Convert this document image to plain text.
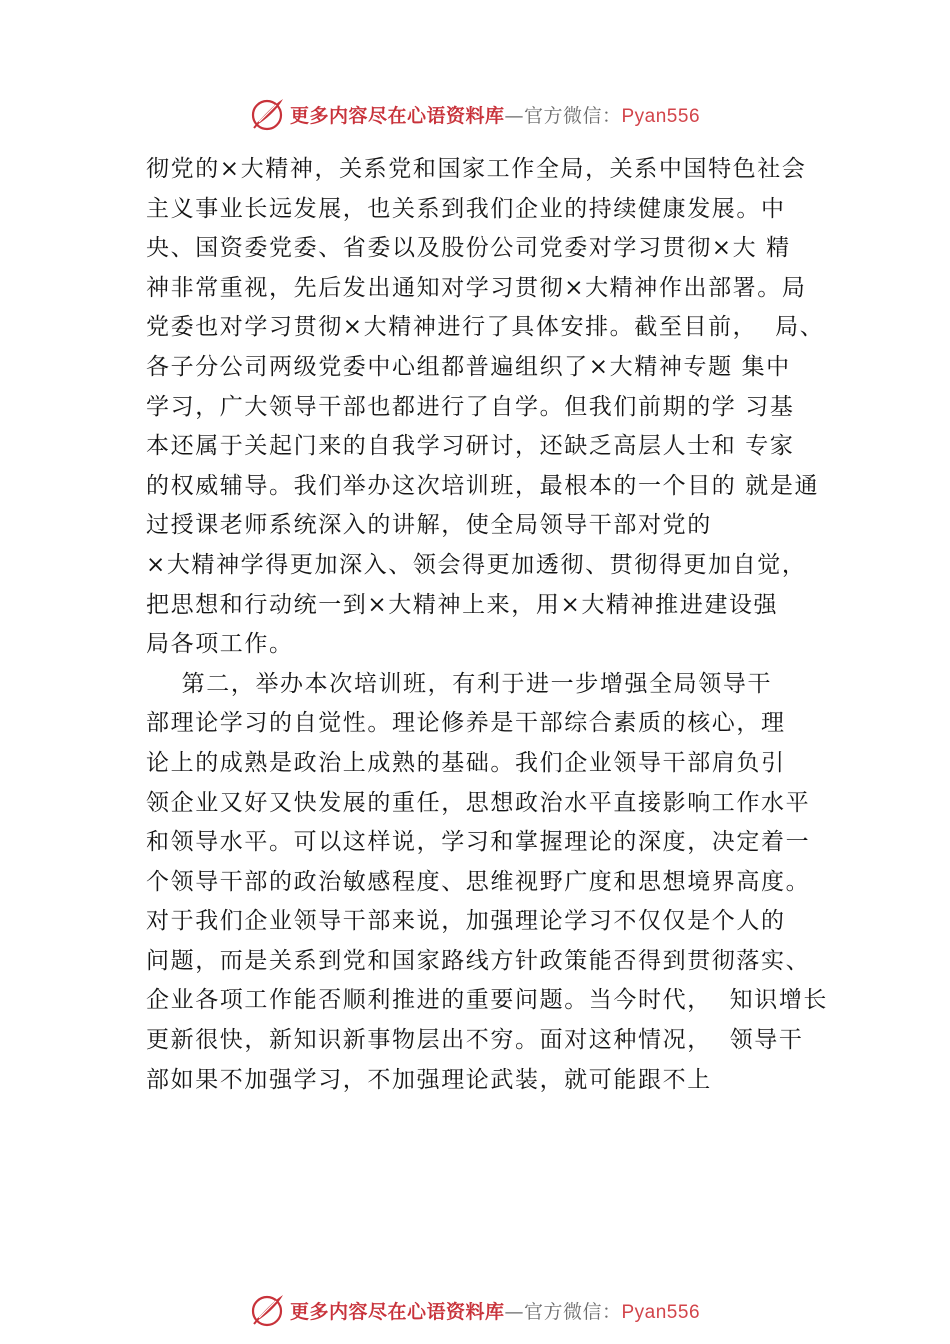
更多内容尽在心语资料库—官方微信：Pyan556
彻党的×大精神，关系党和国家工作全局，关系中国特色社会
主义事业长远发展，也关系到我们企业的持续健康发展。中
央、国资委党委、省委以及股份公司党委对学习贯彻×大 精
神非常重视，先后发出通知对学习贯彻×大精神作出部署。局
党委也对学习贯彻×大精神进行了具体安排。截至目前，  局、
各子分公司两级党委中心组都普遍组织了×大精神专题 集中
学习，广大领导干部也都进行了自学。但我们前期的学 习基
本还属于关起门来的自我学习研讨，还缺乏高层人士和 专家
的权威辅导。我们举办这次培训班，最根本的一个目的 就是通
过授课老师系统深入的讲解，使全局领导干部对党的
×大精神学得更加深入、领会得更加透彻、贯彻得更加自觉，
把思想和行动统一到×大精神上来，用×大精神推进建设强
局各项工作。
第二，举办本次培训班，有利于进一步增强全局领导干
部理论学习的自觉性。理论修养是干部综合素质的核心，理
论上的成熟是政治上成熟的基础。我们企业领导干部肩负引
领企业又好又快发展的重任，思想政治水平直接影响工作水平
和领导水平。可以这样说，学习和掌握理论的深度，决定着一
个领导干部的政治敏感程度、思维视野广度和思想境界高度。
对于我们企业领导干部来说，加强理论学习不仅仅是个人的
问题，而是关系到党和国家路线方针政策能否得到贯彻落实、
企业各项工作能否顺利推进的重要问题。当今时代，  知识增长
更新很快，新知识新事物层出不穷。面对这种情况，  领导干
部如果不加强学习，不加强理论武装，就可能跟不上
更多内容尽在心语资料库—官方微信：Pyan556
